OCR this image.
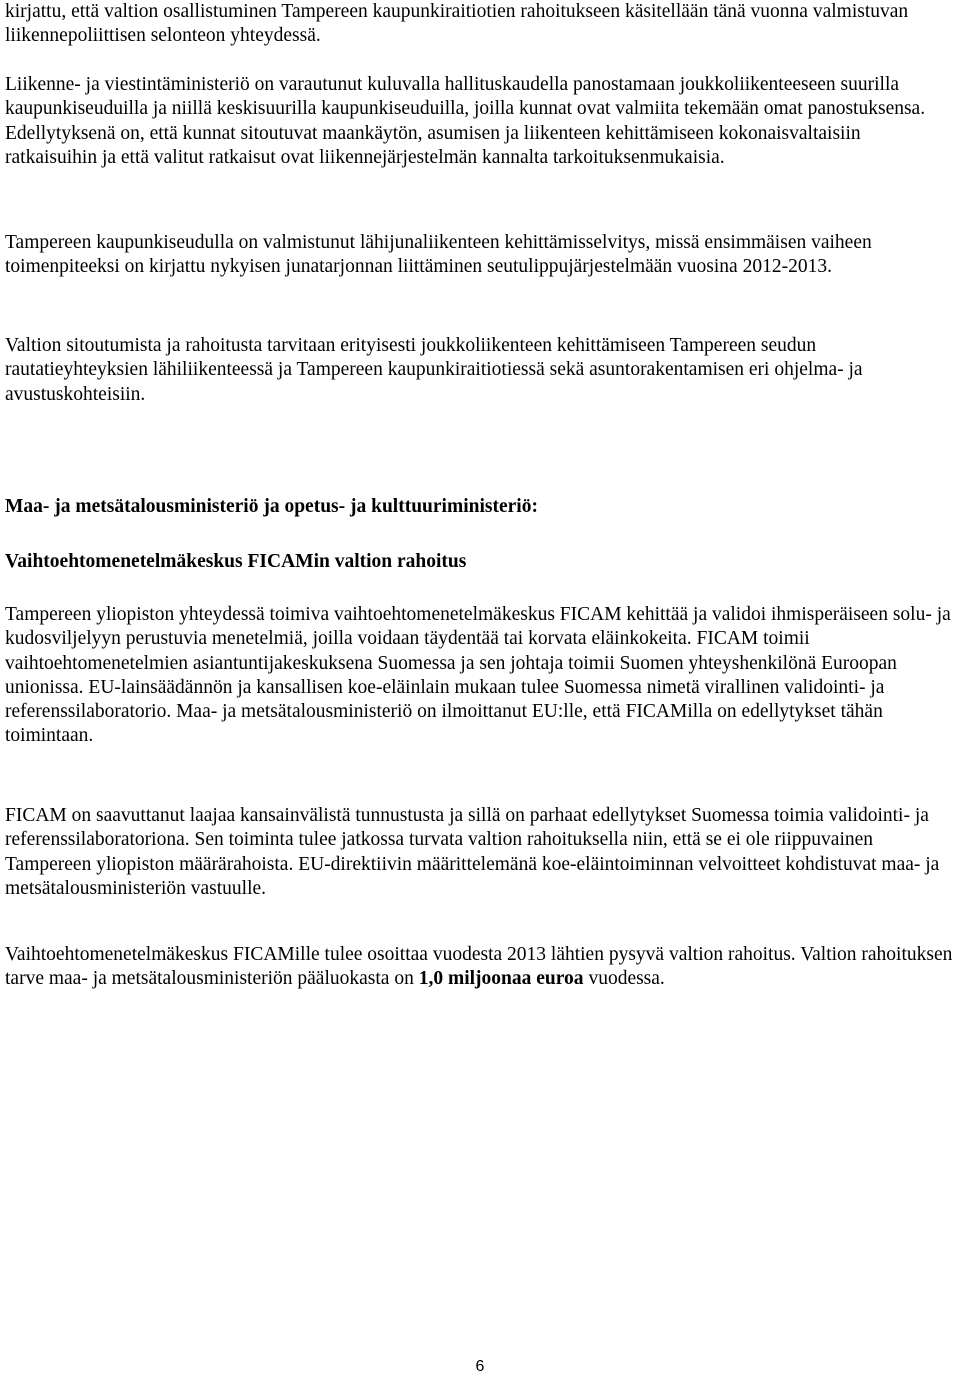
kirjattu, että valtion osallistuminen Tampereen kaupunkiraitiotien rahoitukseen käsitellään tänä vuonna valmistuvan liikennepoliittisen selonteon yhteydessä.

Liikenne- ja viestintäministeriö on varautunut kuluvalla hallituskaudella panostamaan joukkoliikenteeseen suurilla kaupunkiseuduilla ja niillä keskisuurilla kaupunkiseuduilla, joilla kunnat ovat valmiita tekemään omat panostuksensa. Edellytyksenä on, että kunnat sitoutuvat maankäytön, asumisen ja liikenteen kehittämiseen kokonaisvaltaisiin ratkaisuihin ja että valitut ratkaisut ovat liikennejärjestelmän kannalta tarkoituksenmukaisia.

Tampereen kaupunkiseudulla on valmistunut lähijunaliikenteen kehittämisselvitys, missä ensimmäisen vaiheen toimenpiteeksi on kirjattu nykyisen junatarjonnan liittäminen seutulippujärjestelmään vuosina 2012-2013.

Valtion sitoutumista ja rahoitusta tarvitaan erityisesti joukkoliikenteen kehittämiseen Tampereen seudun rautatieyhteyksien lähiliikenteessä ja Tampereen kaupunkiraitiotiessä sekä asuntorakentamisen eri ohjelma- ja avustuskohteisiin.

Maa- ja metsätalousministeriö ja opetus- ja kulttuuriministeriö:

Vaihtoehtomenetelmäkeskus FICAMin valtion rahoitus

Tampereen yliopiston yhteydessä toimiva vaihtoehtomenetelmäkeskus FICAM kehittää ja validoi ihmisperäiseen solu- ja kudosviljelyyn perustuvia menetelmiä, joilla voidaan täydentää tai korvata eläinkokeita. FICAM toimii vaihtoehtomenetelmien asiantuntijakeskuksena Suomessa ja sen johtaja toimii Suomen yhteyshenkilönä Euroopan unionissa. EU-lainsäädännön ja kansallisen koe-eläinlain mukaan tulee Suomessa nimetä virallinen validointi- ja referenssilaboratorio. Maa- ja metsätalousministeriö on ilmoittanut EU:lle, että FICAMilla on edellytykset tähän toimintaan.

FICAM on saavuttanut laajaa kansainvälistä tunnustusta ja sillä on parhaat edellytykset Suomessa toimia validointi- ja referenssilaboratoriona. Sen toiminta tulee jatkossa turvata valtion rahoituksella niin, että se ei ole riippuvainen Tampereen yliopiston määrärahoista. EU-direktiivin määrittelemänä koe-eläintoiminnan velvoitteet kohdistuvat maa- ja metsätalousministeriön vastuulle.

Vaihtoehtomenetelmäkeskus FICAMille tulee osoittaa vuodesta 2013 lähtien pysyvä valtion rahoitus. Valtion rahoituksen tarve maa- ja metsätalousministeriön pääluokasta on 1,0 miljoonaa euroa vuodessa.

6
